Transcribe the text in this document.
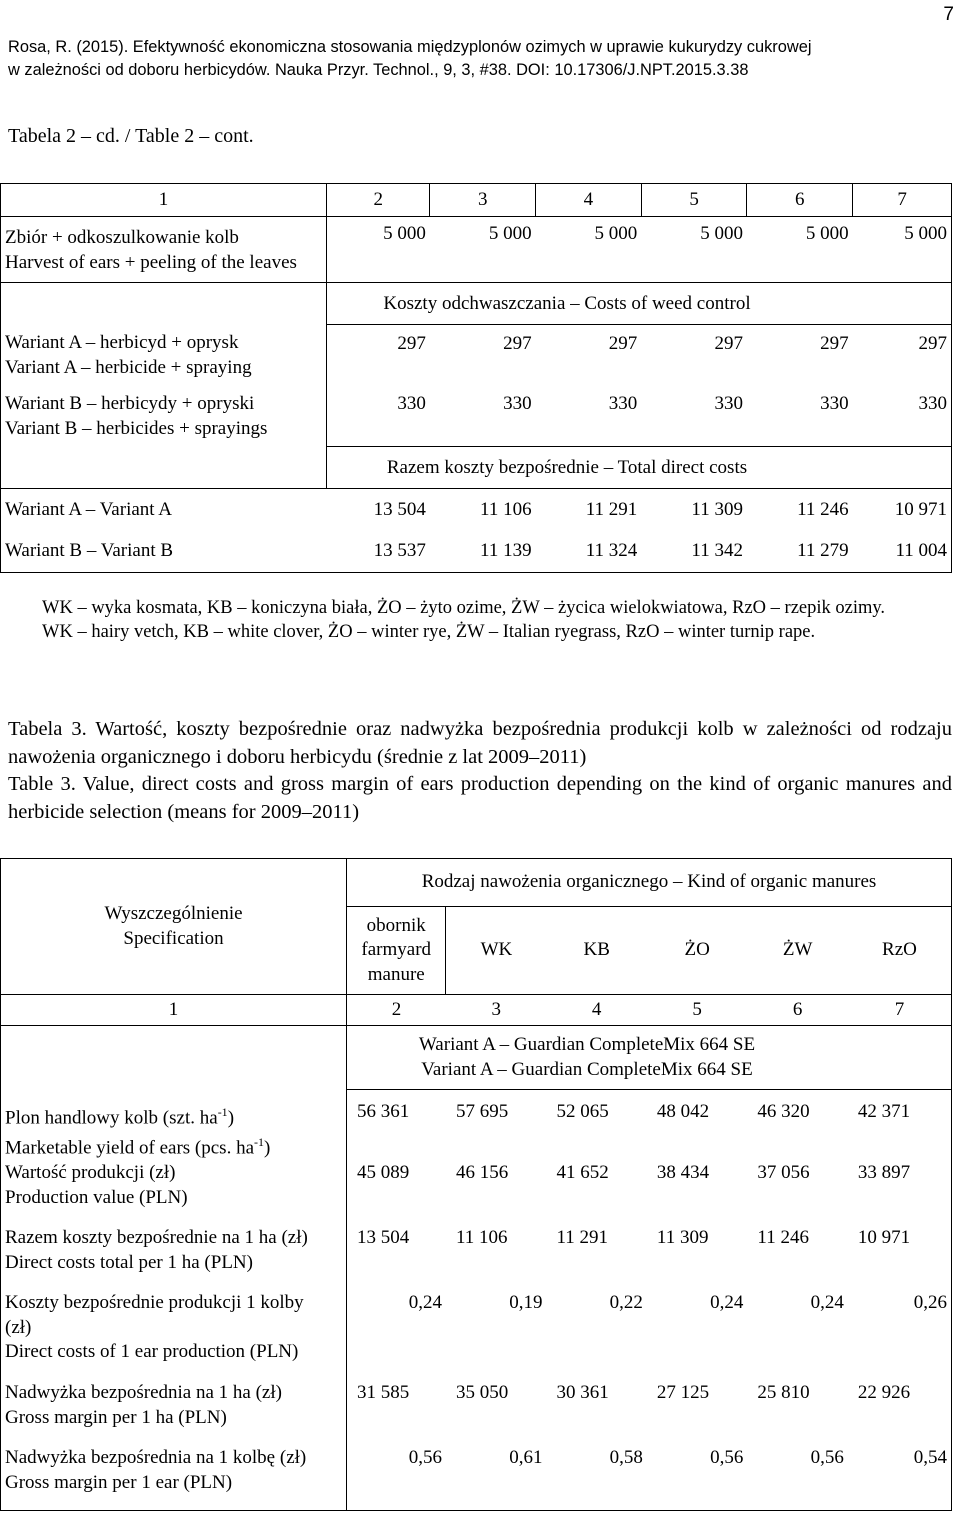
7
Rosa, R. (2015). Efektywność ekonomiczna stosowania międzyplonów ozimych w uprawie kukurydzy cukrowej
w zależności od doboru herbicydów. Nauka Przyr. Technol., 9, 3, #38. DOI: 10.17306/J.NPT.2015.3.38
Tabela 2 – cd. / Table 2 – cont.
1	2	3	4	5	6	7

Zbiór + odkoszulkowanie kolb
Harvest of ears + peeling of the leaves	5 000	5 000	5 000	5 000	5 000	5 000

	Koszty odchwaszczania – Costs of weed control					

Wariant A – herbicyd + oprysk
Variant A – herbicide + spraying	297	297	297	297	297	297

Wariant B – herbicydy + opryski
Variant B – herbicides + sprayings	330	330	330	330	330	330

	Razem koszty bezpośrednie – Total direct costs					

Wariant A – Variant A	13 504	11 106	11 291	11 309	11 246	10 971
Wariant B – Variant B	13 537	11 139	11 324	11 342	11 279	11 004

WK – wyka kosmata, KB – koniczyna biała, ŻO – żyto ozime, ŻW – życica wielokwiatowa, RzO – rzepik ozimy.

WK – hairy vetch, KB – white clover, ŻO – winter rye, ŻW – Italian ryegrass, RzO – winter turnip rape.

Tabela 3. Wartość, koszty bezpośrednie oraz nadwyżka bezpośrednia produkcji kolb w zależności od rodzaju nawożenia organicznego i doboru herbicydu (średnie z lat 2009–2011)

Table 3. Value, direct costs and gross margin of ears production depending on the kind of organic manures and herbicide selection (means for 2009–2011)

Wyszczególnienie
Specification	Rodzaj nawożenia organicznego – Kind of organic manures					

	obornik
farmyard
manure	WK	KB	ŻO	ŻW	RzO
1	2	3	4	5	6	7

	Wariant A – Guardian CompleteMix 664 SE
Variant A – Guardian CompleteMix 664 SE					

Plon handlowy kolb (szt. $ha^{-1}$)
Marketable yield of ears (pcs. $ha^{-1}$)	56 361	57 695	52 065	48 042	46 320	42 371

Wartość produkcji (zł)
Production value (PLN)	45 089	46 156	41 652	38 434	37 056	33 897

Razem koszty bezpośrednie na 1 ha (zł)
Direct costs total per 1 ha (PLN)	13 504	11 106	11 291	11 309	11 246	10 971

Koszty bezpośrednie produkcji 1 kolby
(zł)
Direct costs of 1 ear production (PLN)	0,24	0,19	0,22	0,24	0,24	0,26

Nadwyżka bezpośrednia na 1 ha (zł)
Gross margin per 1 ha (PLN)	31 585	35 050	30 361	27 125	25 810	22 926

Nadwyżka bezpośrednia na 1 kolbę (zł)
Gross margin per 1 ear (PLN)	0,56	0,61	0,58	0,56	0,56	0,54
